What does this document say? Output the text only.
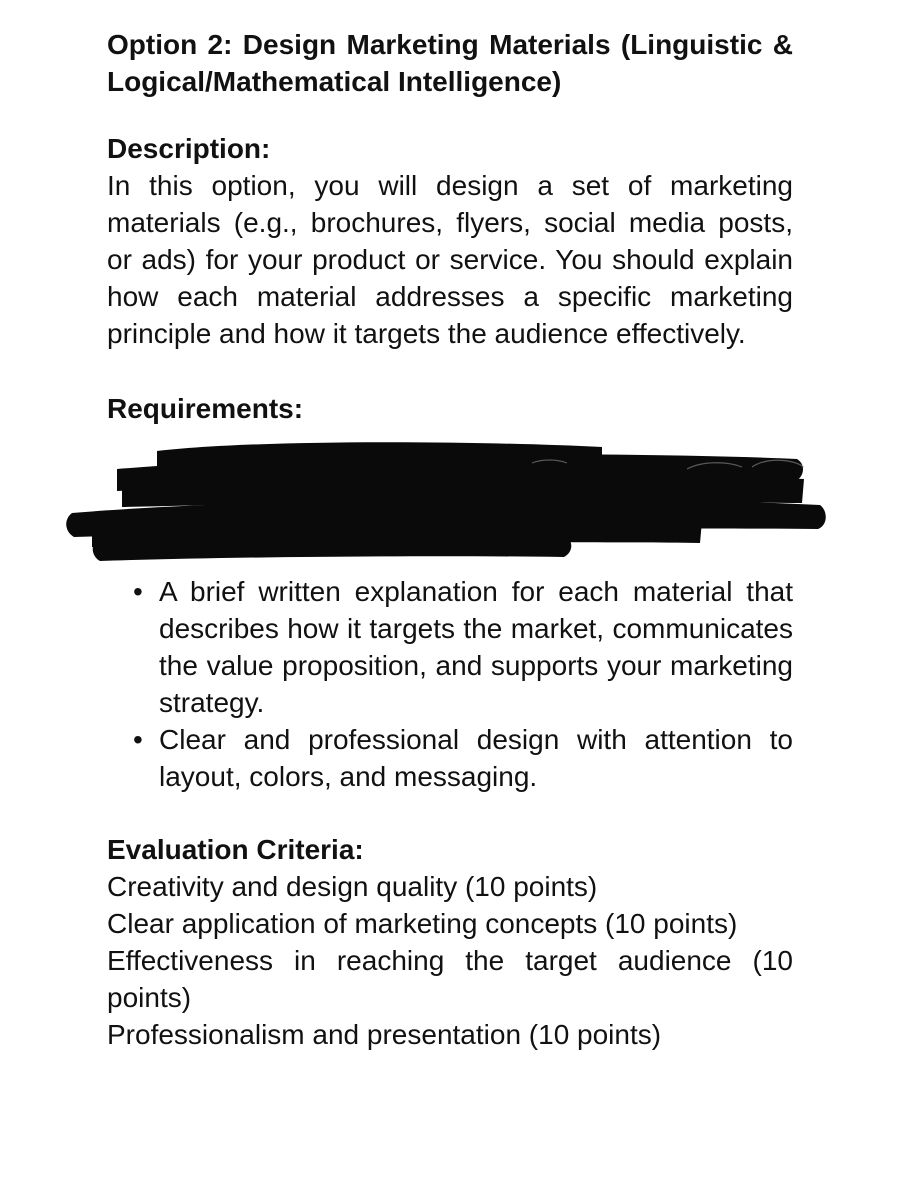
Option 2: Design Marketing Materials (Linguistic & Logical/Mathematical Intelligence)
Description:
In this option, you will design a set of marketing materials (e.g., brochures, flyers, social media posts, or ads) for your product or service. You should explain how each material addresses a specific marketing principle and how it targets the audience effectively.
Requirements:
• A brief written explanation for each material that describes how it targets the market, communicates the value proposition, and supports your marketing strategy.
• Clear and professional design with attention to layout, colors, and messaging.
Evaluation Criteria:
Creativity and design quality (10 points)
Clear application of marketing concepts (10 points)
Effectiveness in reaching the target audience (10 points)
Professionalism and presentation (10 points)
